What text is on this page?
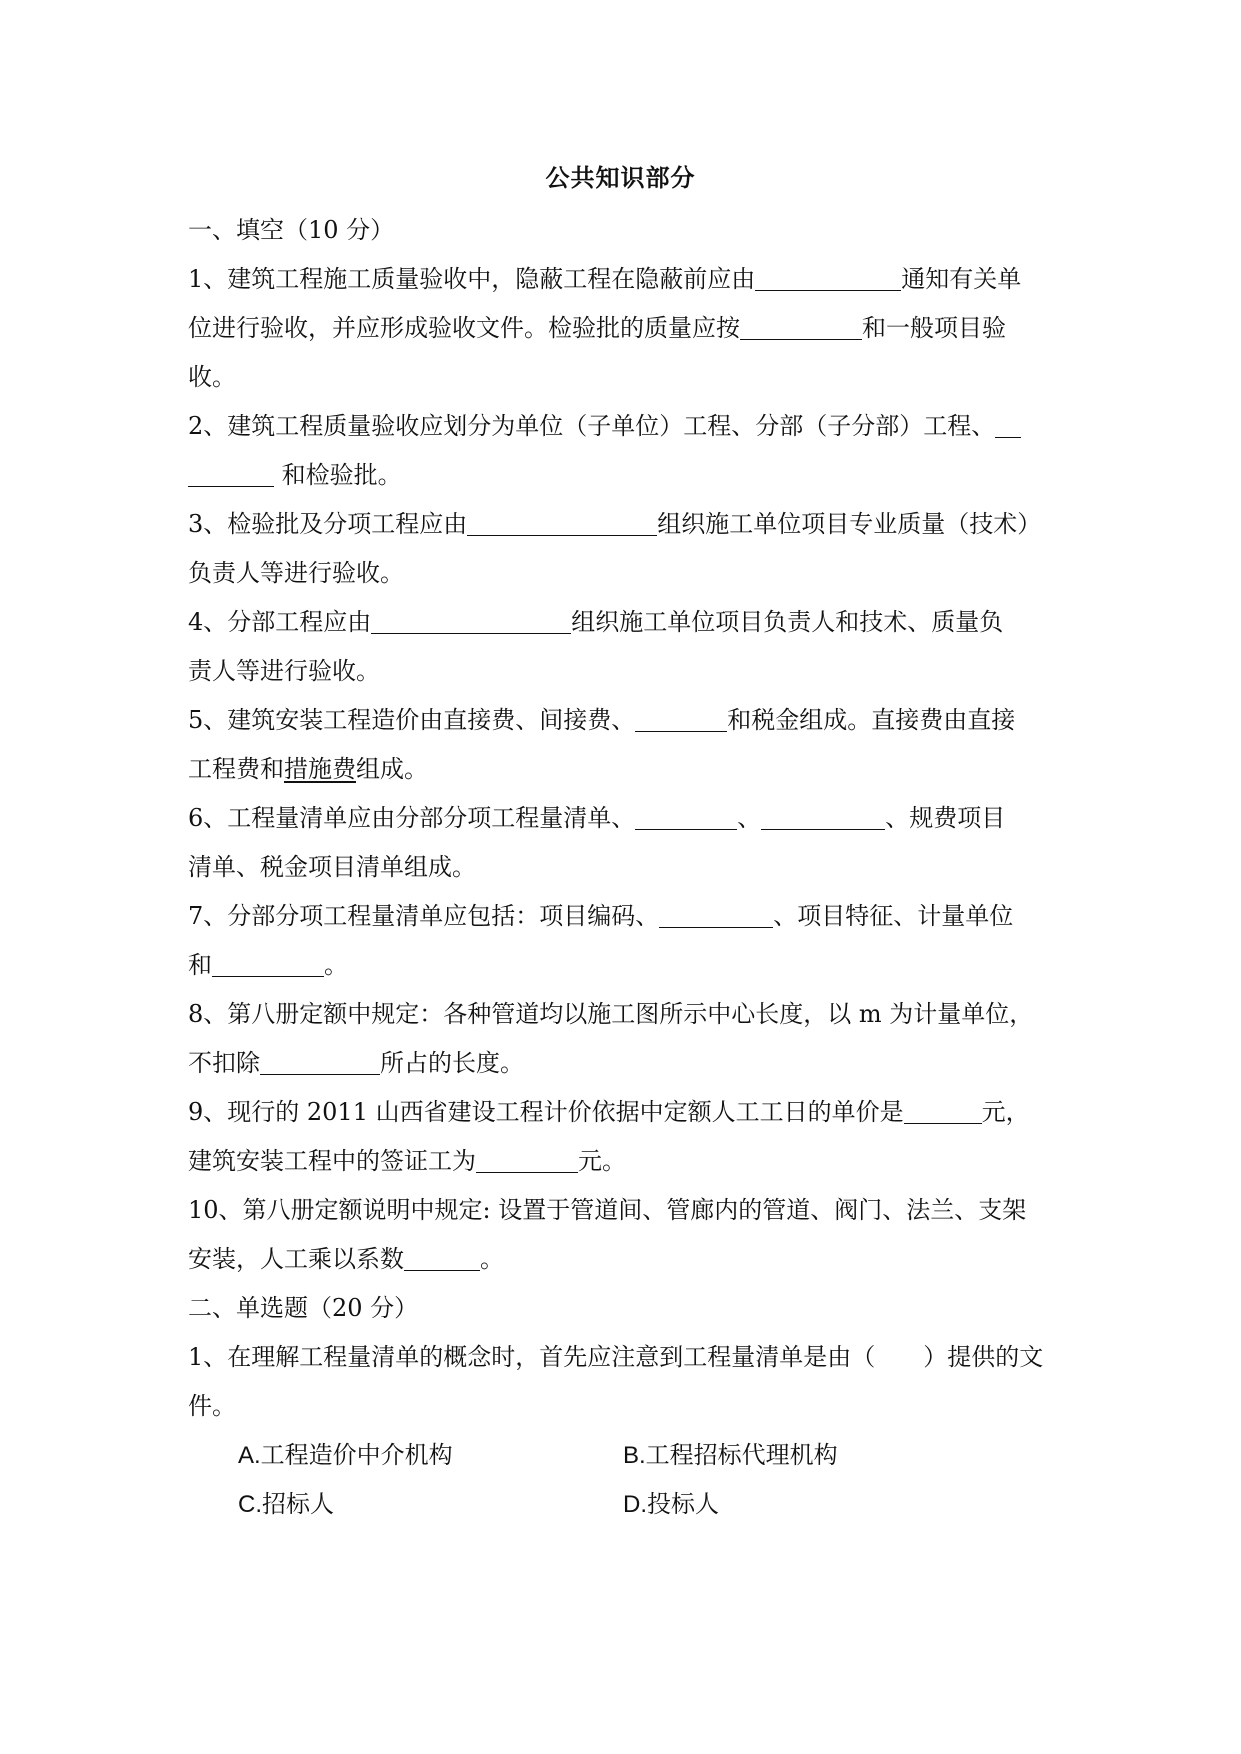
公共知识部分
一、填空（10 分）
1、建筑工程施工质量验收中，隐蔽工程在隐蔽前应由	通知有关单
位进行验收，并应形成验收文件。检验批的质量应按	和一般项目验
收。
2、建筑工程质量验收应划分为单位（子单位）工程、分部（子分部）工程、
和检验批。
3、检验批及分项工程应由	组织施工单位项目专业质量（技术）
负责人等进行验收。
4、分部工程应由	组织施工单位项目负责人和技术、质量负
责人等进行验收。
5、建筑安装工程造价由直接费、间接费、	和税金组成。直接费由直接
工程费和措施费组成。
6、工程量清单应由分部分项工程量清单、	、	、规费项目
清单、税金项目清单组成。
7、分部分项工程量清单应包括：项目编码、	、项目特征、计量单位
和	。
8、第八册定额中规定：各种管道均以施工图所示中心长度，以 m 为计量单位，
不扣除	所占的长度。
9、现行的 2011 山西省建设工程计价依据中定额人工工日的单价是	元，
建筑安装工程中的签证工为	元。
10、第八册定额说明中规定: 设置于管道间、管廊内的管道、阀门、法兰、支架
安装，人工乘以系数	。
二、单选题（20 分）
1、在理解工程量清单的概念时，首先应注意到工程量清单是由（　　）提供的文
件。
A.工程造价中介机构	B.工程招标代理机构
C.招标人	D.投标人
